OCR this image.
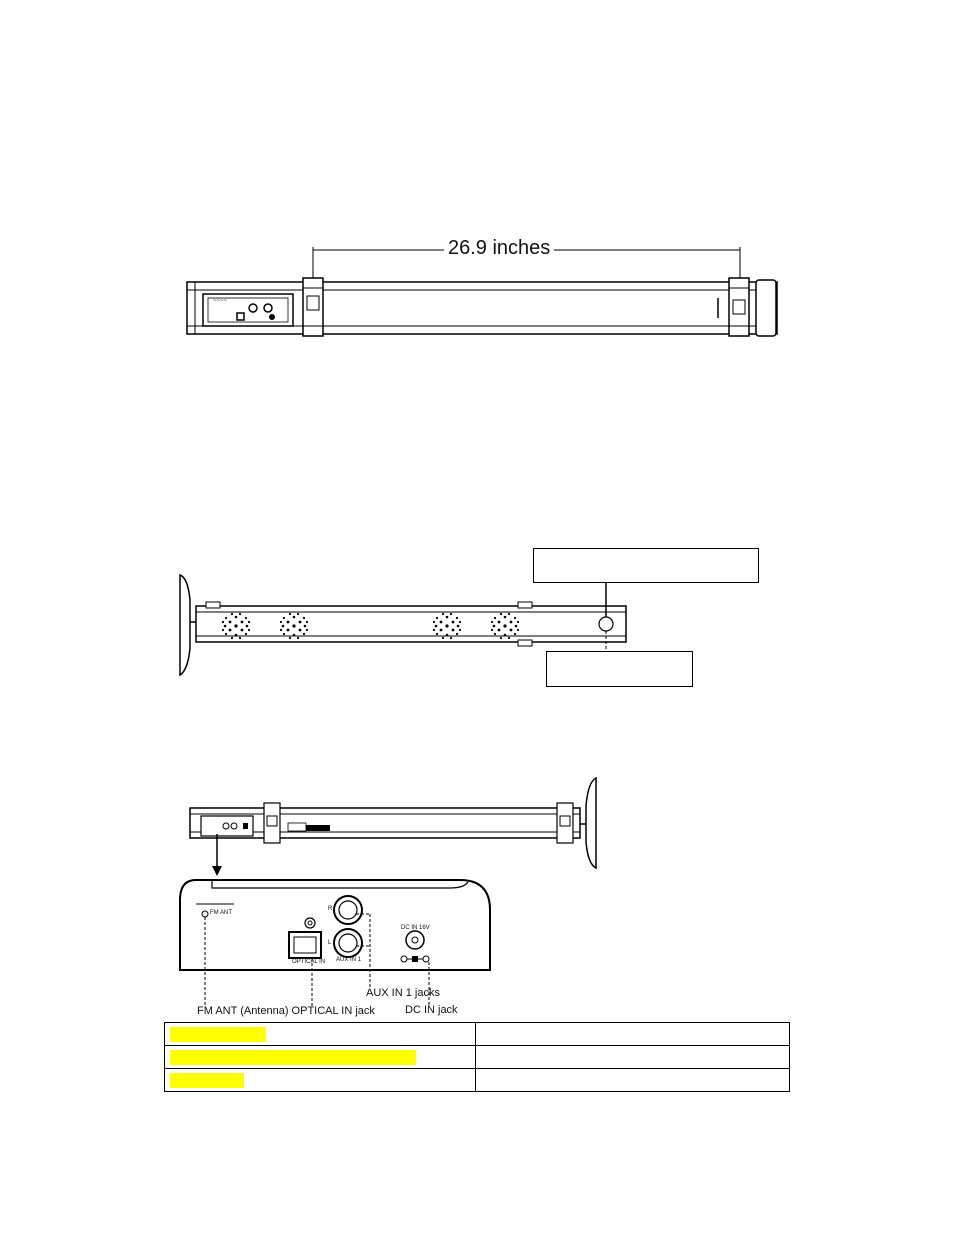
26.9 inches
~~~~
FM ANT
R
L
OPTICAL IN AUX IN 1
DC IN 16V
AUX IN 1 jacks
FM ANT (Antenna) OPTICAL IN jack	DC IN jack
